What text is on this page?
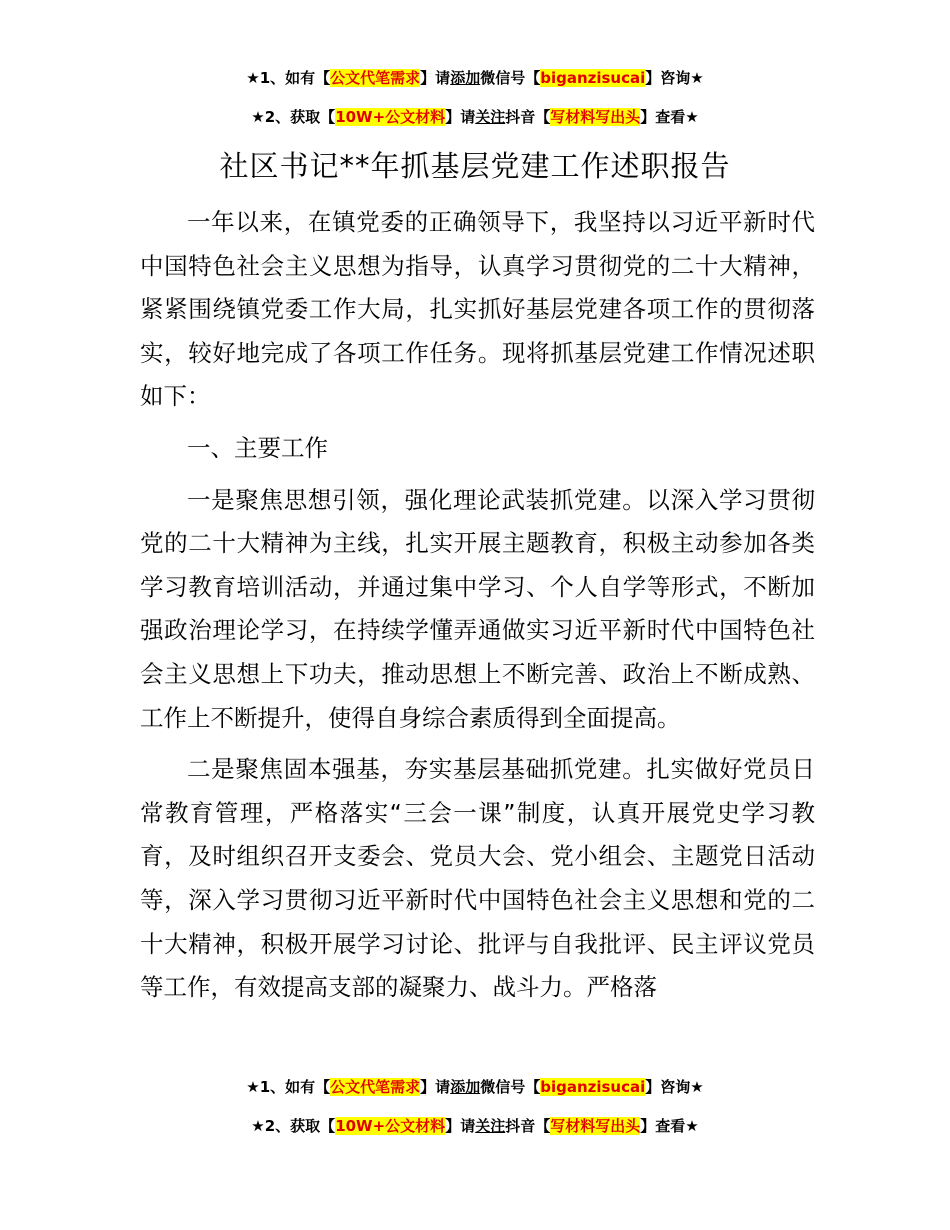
★1、如有【公文代笔需求】请添加微信号【biganzisucai】咨询★
★2、获取【10W+公文材料】请关注抖音【写材料写出头】查看★
社区书记**年抓基层党建工作述职报告

一年以来，在镇党委的正确领导下，我坚持以习近平新时代中国特色社会主义思想为指导，认真学习贯彻党的二十大精神，紧紧围绕镇党委工作大局，扎实抓好基层党建各项工作的贯彻落实，较好地完成了各项工作任务。现将抓基层党建工作情况述职如下：

一、主要工作

一是聚焦思想引领，强化理论武装抓党建。以深入学习贯彻党的二十大精神为主线，扎实开展主题教育，积极主动参加各类学习教育培训活动，并通过集中学习、个人自学等形式，不断加强政治理论学习，在持续学懂弄通做实习近平新时代中国特色社会主义思想上下功夫，推动思想上不断完善、政治上不断成熟、工作上不断提升，使得自身综合素质得到全面提高。

二是聚焦固本强基，夯实基层基础抓党建。扎实做好党员日常教育管理，严格落实“三会一课”制度，认真开展党史学习教育，及时组织召开支委会、党员大会、党小组会、主题党日活动等，深入学习贯彻习近平新时代中国特色社会主义思想和党的二十大精神，积极开展学习讨论、批评与自我批评、民主评议党员等工作，有效提高支部的凝聚力、战斗力。严格落

★1、如有【公文代笔需求】请添加微信号【biganzisucai】咨询★
★2、获取【10W+公文材料】请关注抖音【写材料写出头】查看★
